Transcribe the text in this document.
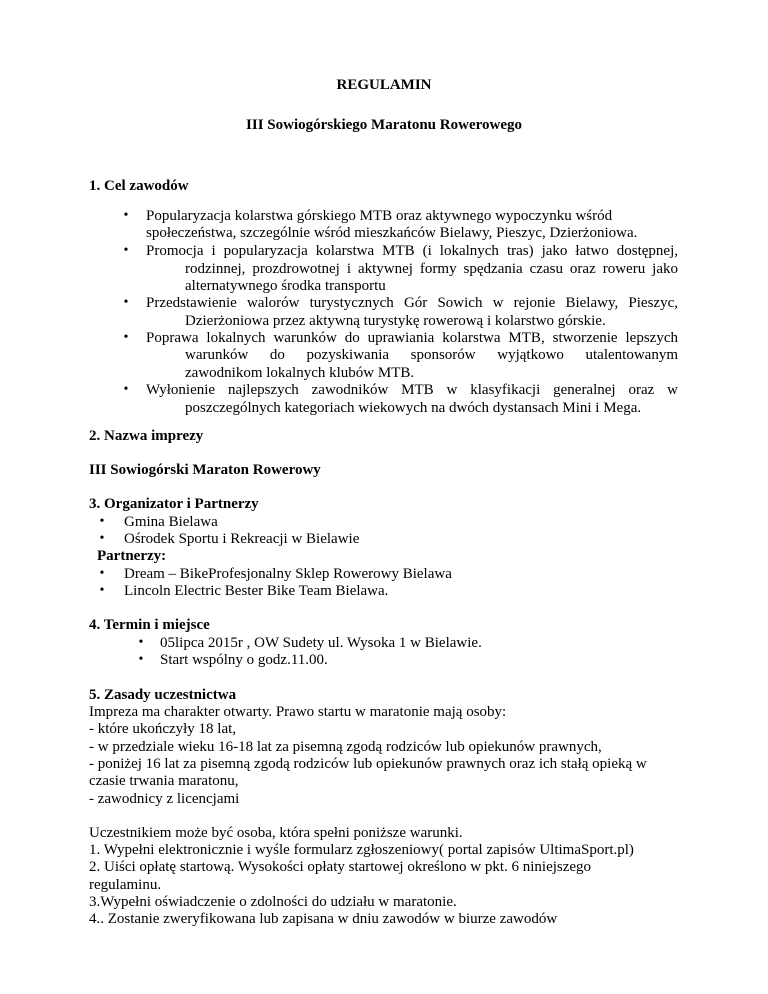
REGULAMIN
III Sowiogórskiego Maratonu Rowerowego
1. Cel zawodów
• Popularyzacja kolarstwa górskiego MTB oraz aktywnego wypoczynku wśród
społeczeństwa, szczególnie wśród mieszkańców Bielawy, Pieszyc, Dzierżoniowa.
• Promocja i popularyzacja kolarstwa MTB (i lokalnych tras) jako łatwo dostępnej,
rodzinnej, prozdrowotnej i aktywnej formy spędzania czasu oraz roweru jako
alternatywnego środka transportu
• Przedstawienie walorów turystycznych Gór Sowich w rejonie Bielawy, Pieszyc,
Dzierżoniowa przez aktywną turystykę rowerową i kolarstwo górskie.
• Poprawa lokalnych warunków do uprawiania kolarstwa MTB, stworzenie lepszych
warunków do pozyskiwania sponsorów wyjątkowo utalentowanym
zawodnikom lokalnych klubów MTB.
• Wyłonienie najlepszych zawodników MTB w klasyfikacji generalnej oraz w
poszczególnych kategoriach wiekowych na dwóch dystansach Mini i Mega.
2. Nazwa imprezy
III Sowiogórski Maraton Rowerowy
3. Organizator i Partnerzy
• Gmina Bielawa
• Ośrodek Sportu i Rekreacji w Bielawie
Partnerzy:
• Dream – BikeProfesjonalny Sklep Rowerowy Bielawa
• Lincoln Electric Bester Bike Team Bielawa.
4. Termin i miejsce
• 05lipca 2015r , OW Sudety ul. Wysoka 1 w Bielawie.
• Start wspólny o godz.11.00.
5. Zasady uczestnictwa
Impreza ma charakter otwarty. Prawo startu w maratonie mają osoby:
- które ukończyły 18 lat,
- w przedziale wieku 16-18 lat za pisemną zgodą rodziców lub opiekunów prawnych,
- poniżej 16 lat za pisemną zgodą rodziców lub opiekunów prawnych oraz ich stałą opieką w
czasie trwania maratonu,
- zawodnicy z licencjami
Uczestnikiem może być osoba, która spełni poniższe warunki.
1. Wypełni elektronicznie i wyśle formularz zgłoszeniowy( portal zapisów UltimaSport.pl)
2. Uiści opłatę startową. Wysokości opłaty startowej określono w pkt. 6 niniejszego
regulaminu.
3.Wypełni oświadczenie o zdolności do udziału w maratonie.
4.. Zostanie zweryfikowana lub zapisana w dniu zawodów w biurze zawodów
